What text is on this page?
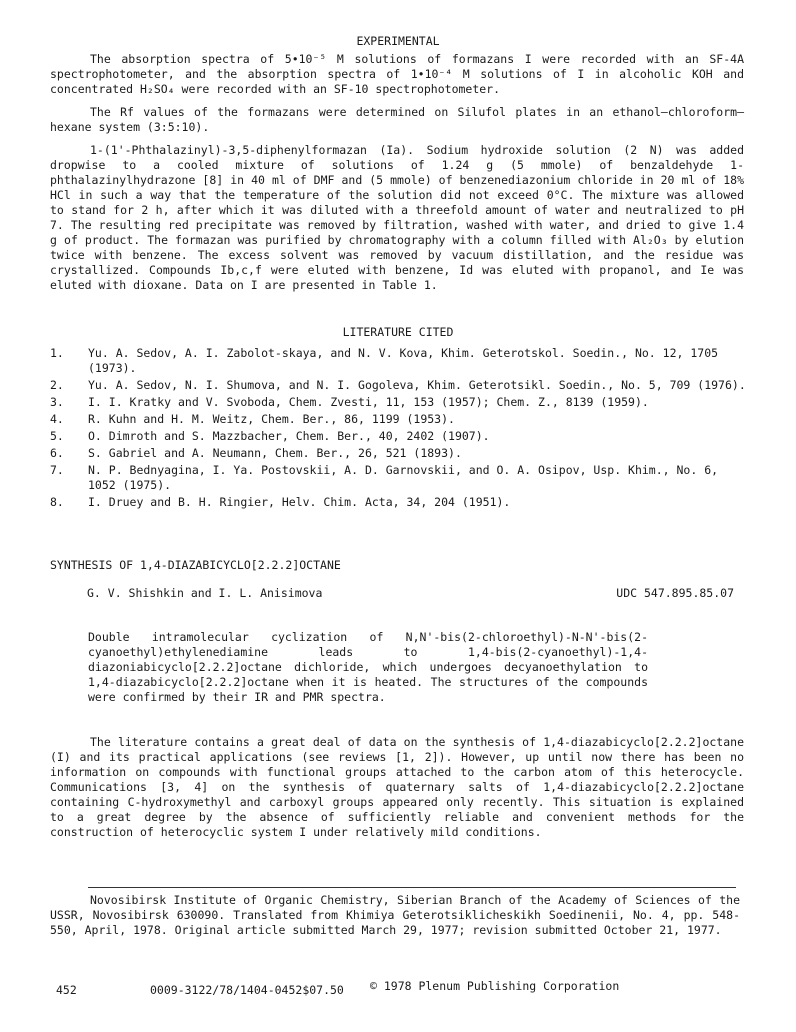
EXPERIMENTAL

The absorption spectra of 5•10⁻⁵ M solutions of formazans I were recorded with an SF-4A spectrophotometer, and the absorption spectra of 1•10⁻⁴ M solutions of I in alcoholic KOH and concentrated H₂SO₄ were recorded with an SF-10 spectrophotometer.

The Rf values of the formazans were determined on Silufol plates in an ethanol—chloroform—hexane system (3:5:10).

1-(1'-Phthalazinyl)-3,5-diphenylformazan (Ia). Sodium hydroxide solution (2 N) was added dropwise to a cooled mixture of solutions of 1.24 g (5 mmole) of benzaldehyde 1-phthalazinylhydrazone [8] in 40 ml of DMF and (5 mmole) of benzenediazonium chloride in 20 ml of 18% HCl in such a way that the temperature of the solution did not exceed 0°C. The mixture was allowed to stand for 2 h, after which it was diluted with a threefold amount of water and neutralized to pH 7. The resulting red precipitate was removed by filtration, washed with water, and dried to give 1.4 g of product. The formazan was purified by chromatography with a column filled with Al₂O₃ by elution twice with benzene. The excess solvent was removed by vacuum distillation, and the residue was crystallized. Compounds Ib,c,f were eluted with benzene, Id was eluted with propanol, and Ie was eluted with dioxane. Data on I are presented in Table 1.

LITERATURE CITED
1.	Yu. A. Sedov, A. I. Zabolot-skaya, and N. V. Kova, Khim. Geterotskol. Soedin., No. 12, 1705 (1973).
2.	Yu. A. Sedov, N. I. Shumova, and N. I. Gogoleva, Khim. Geterotsikl. Soedin., No. 5, 709 (1976).
3.	I. I. Kratky and V. Svoboda, Chem. Zvesti, 11, 153 (1957); Chem. Z., 8139 (1959).
4.	R. Kuhn and H. M. Weitz, Chem. Ber., 86, 1199 (1953).
5.	O. Dimroth and S. Mazzbacher, Chem. Ber., 40, 2402 (1907).
6.	S. Gabriel and A. Neumann, Chem. Ber., 26, 521 (1893).
7.	N. P. Bednyagina, I. Ya. Postovskii, A. D. Garnovskii, and O. A. Osipov, Usp. Khim., No. 6, 1052 (1975).
8.	I. Druey and B. H. Ringier, Helv. Chim. Acta, 34, 204 (1951).
SYNTHESIS OF 1,4-DIAZABICYCLO[2.2.2]OCTANE
G. V. Shishkin and I. L. Anisimova	UDC 547.895.85.07

Double intramolecular cyclization of N,N'-bis(2-chloroethyl)-N-N'-bis(2-cyanoethyl)ethylenediamine leads to 1,4-bis(2-cyanoethyl)-1,4-diazoniabicyclo[2.2.2]octane dichloride, which undergoes decyanoethylation to 1,4-diazabicyclo[2.2.2]octane when it is heated. The structures of the compounds were confirmed by their IR and PMR spectra.

The literature contains a great deal of data on the synthesis of 1,4-diazabicyclo[2.2.2]octane (I) and its practical applications (see reviews [1, 2]). However, up until now there has been no information on compounds with functional groups attached to the carbon atom of this heterocycle. Communications [3, 4] on the synthesis of quaternary salts of 1,4-diazabicyclo[2.2.2]octane containing C-hydroxymethyl and carboxyl groups appeared only recently. This situation is explained to a great degree by the absence of sufficiently reliable and convenient methods for the construction of heterocyclic system I under relatively mild conditions.

Novosibirsk Institute of Organic Chemistry, Siberian Branch of the Academy of Sciences of the USSR, Novosibirsk 630090. Translated from Khimiya Geterotsiklicheskikh Soedinenii, No. 4, pp. 548-550, April, 1978. Original article submitted March 29, 1977; revision submitted October 21, 1977.

452	0009-3122/78/1404-0452$07.50 © 1978 Plenum Publishing Corporation
